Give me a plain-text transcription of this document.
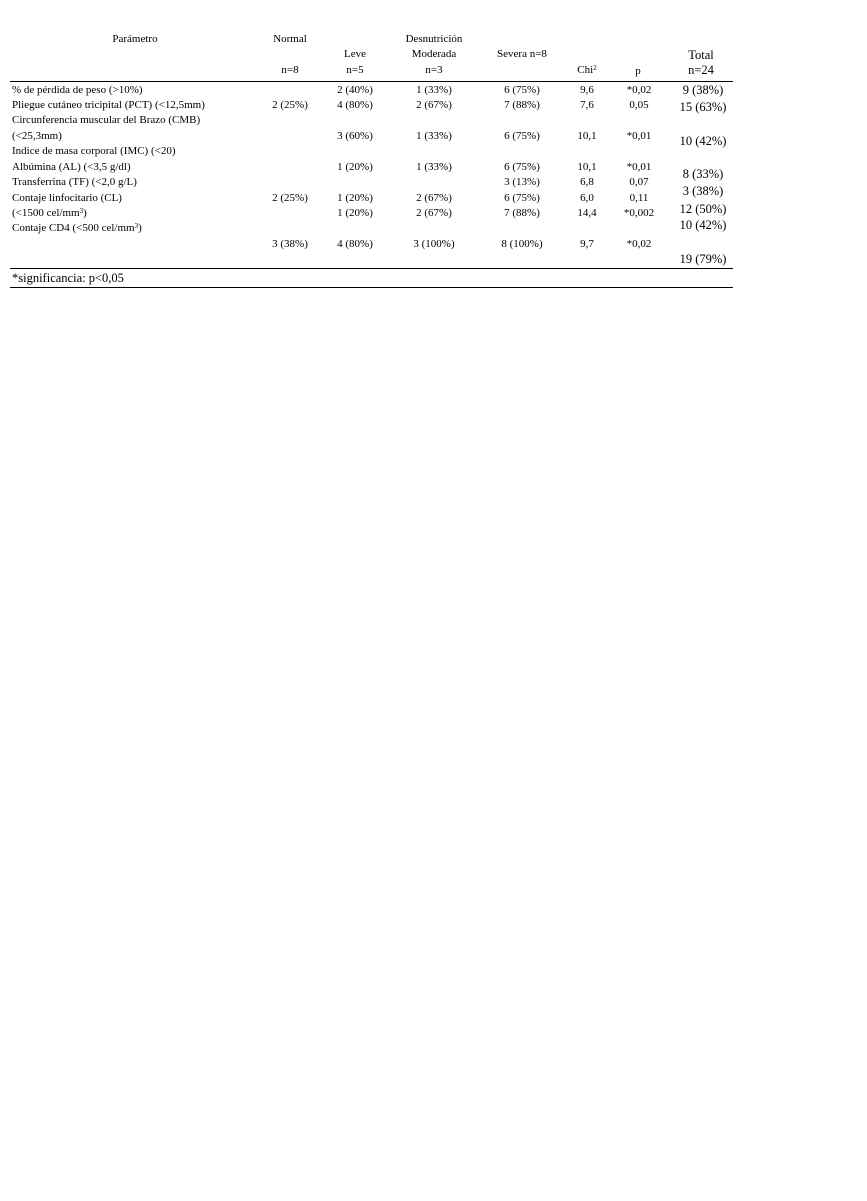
Parámetro	Normal
n=8
Desnutrición
Leve
n=5
Moderada
n=3
Severa n=8
Chi$^2$	p
Total
n=24
% de pérdida de peso (>10%)
Pliegue cutáneo tricipital (PCT) (<12,5mm)
Circunferencia muscular del Brazo (CMB)
(<25,3mm)
Indice de masa corporal (IMC) (<20)
Albúmina (AL) (<3,5 g/dl)
Transferrina (TF) (<2,0 g/L)
Contaje linfocitario (CL)
(<1500 cel/$mm^3$)
Contaje CD4 (<500 cel/$mm^3$)
2 (25%)
2 (25%)
3 (38%)
2 (40%)
4 (80%)
3 (60%)
1 (20%)
1 (20%)
1 (20%)
4 (80%)
1 (33%)
2 (67%)
1 (33%)
1 (33%)
2 (67%)
2 (67%)
3 (100%)
6 (75%)
7 (88%)
6 (75%)
6 (75%)
3 (13%)
6 (75%)
7 (88%)
8 (100%)
9,6
7,6
10,1
10,1
6,8
6,0
14,4
9,7
*0,02
0,05
*0,01
*0,01
0,07
0,11
*0,002
*0,02
9 (38%)
15 (63%)
10 (42%)
8 (33%)
3 (38%)
12 (50%)
10 (42%)
19 (79%)
*significancia: p<0,05
